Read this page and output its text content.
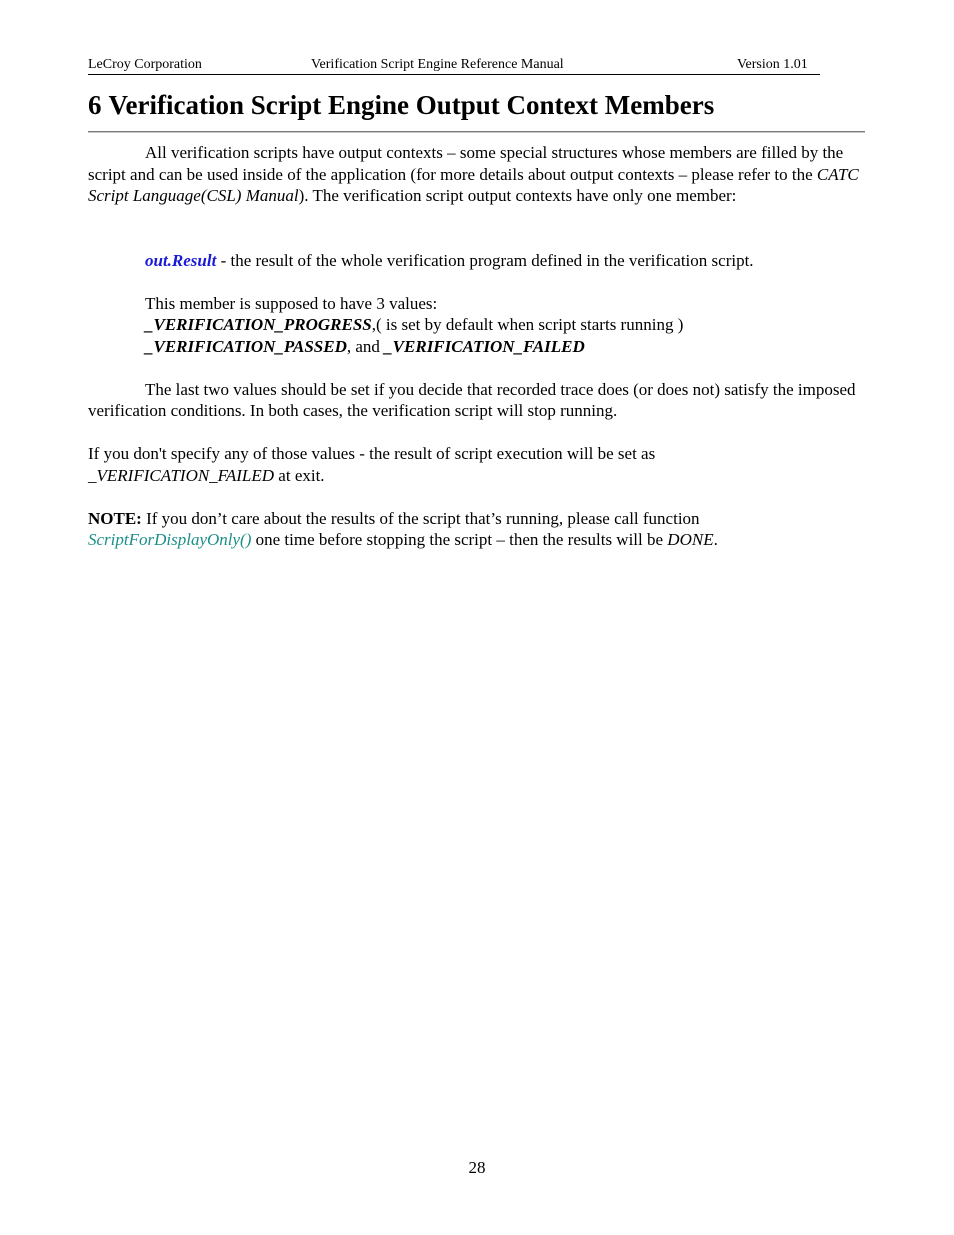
LeCroy Corporation	Verification Script Engine Reference Manual	Version 1.01
6 Verification Script Engine Output Context Members

All verification scripts have output contexts – some special structures whose members are filled by the script and can be used inside of the application (for more details about output contexts – please refer to the CATC Script Language(CSL) Manual). The verification script output contexts have only one member:

out.Result - the result of the whole verification program defined in the verification script.

This member is supposed to have 3 values:

_VERIFICATION_PROGRESS,( is set by default when script starts running )

_VERIFICATION_PASSED, and _VERIFICATION_FAILED

The last two values should be set if you decide that recorded trace does (or does not) satisfy the imposed verification conditions. In both cases, the verification script will stop running.

If you don't specify any of those values - the result of script execution will be set as
_VERIFICATION_FAILED at exit.

NOTE: If you don’t care about the results of the script that’s running, please call function
ScriptForDisplayOnly() one time before stopping the script – then the results will be DONE.

28
